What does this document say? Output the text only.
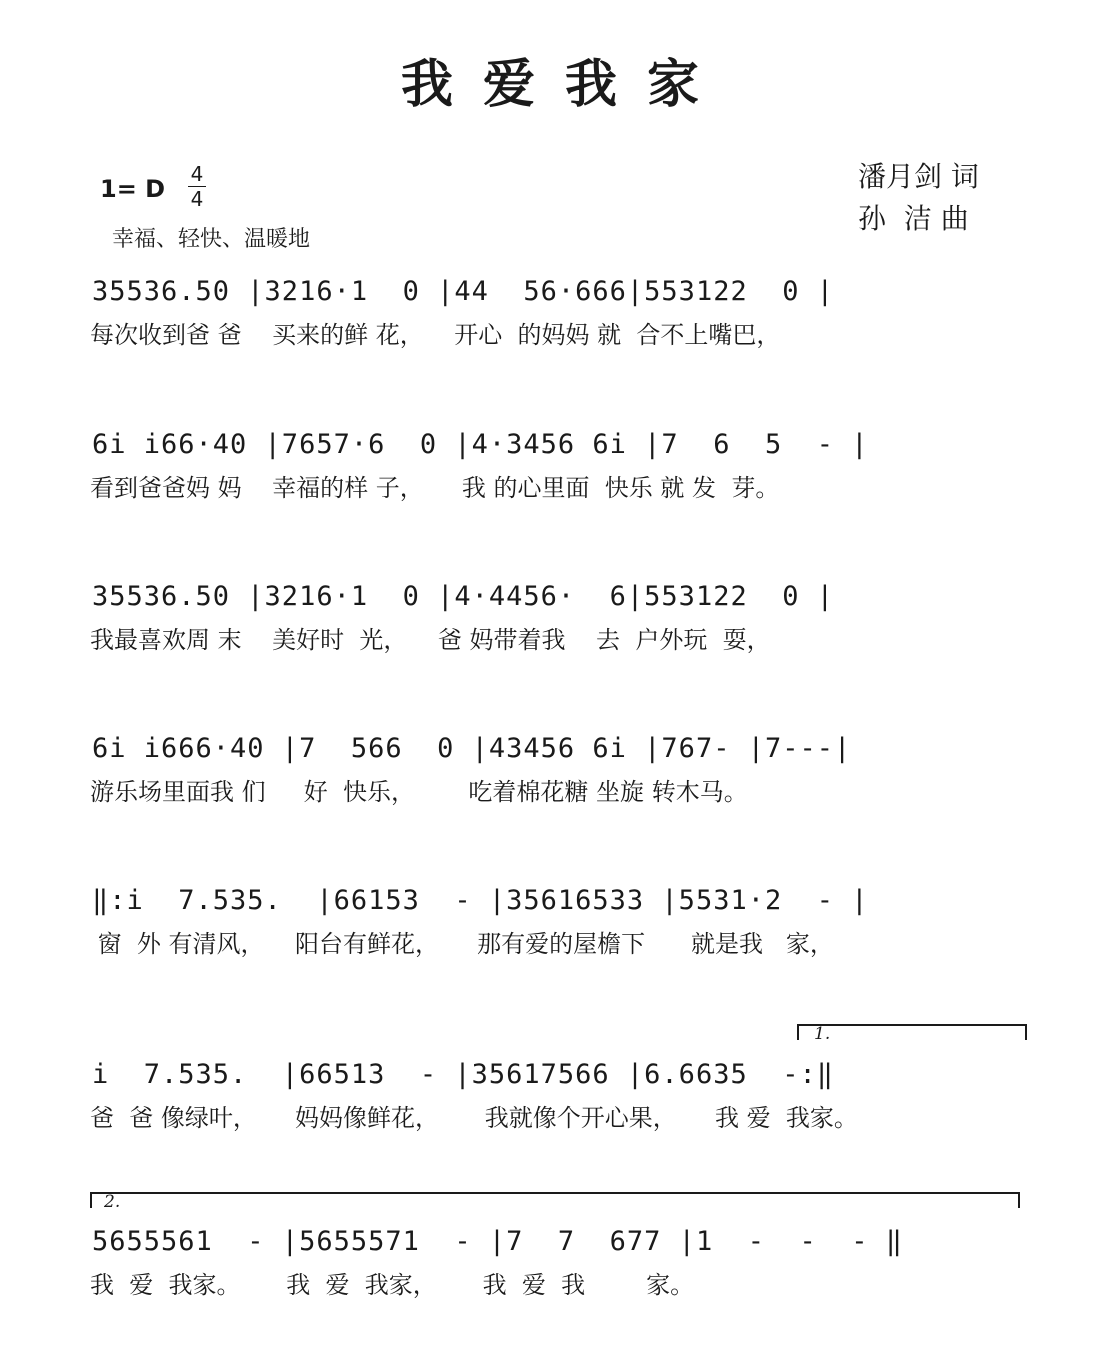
我爱我家
潘月剑 词
孙  洁 曲
1= D
4
4
幸福、轻快、温暖地
35536.50 |3216·1  0 |44  56·666|553122  0 |
每次收到爸 爸    买来的鲜 花，    开心  的妈妈 就  合不上嘴巴，
6i i66·40 |7657·6  0 |4·3456 6i |7  6  5  - |
看到爸爸妈 妈    幸福的样 子，     我 的心里面  快乐 就 发  芽。
35536.50 |3216·1  0 |4·4456·  6|553122  0 |
我最喜欢周 末    美好时  光，    爸 妈带着我    去  户外玩  耍，
6i i666·40 |7  566  0 |43456 6i |767- |7---|
游乐场里面我 们     好  快乐，       吃着棉花糖 坐旋 转木马。
‖:i  7.535.  |66153  - |35616533 |5531·2  - |
窗  外 有清风，    阳台有鲜花，     那有爱的屋檐下      就是我   家，
1.
i  7.535.  |66513  - |35617566 |6.6635  -:‖
爸  爸 像绿叶，     妈妈像鲜花，      我就像个开心果，     我 爱  我家。
2.
5655561  - |5655571  - |7  7  677 |1  -  -  - ‖
我  爱  我家。      我  爱  我家，      我  爱  我        家。
